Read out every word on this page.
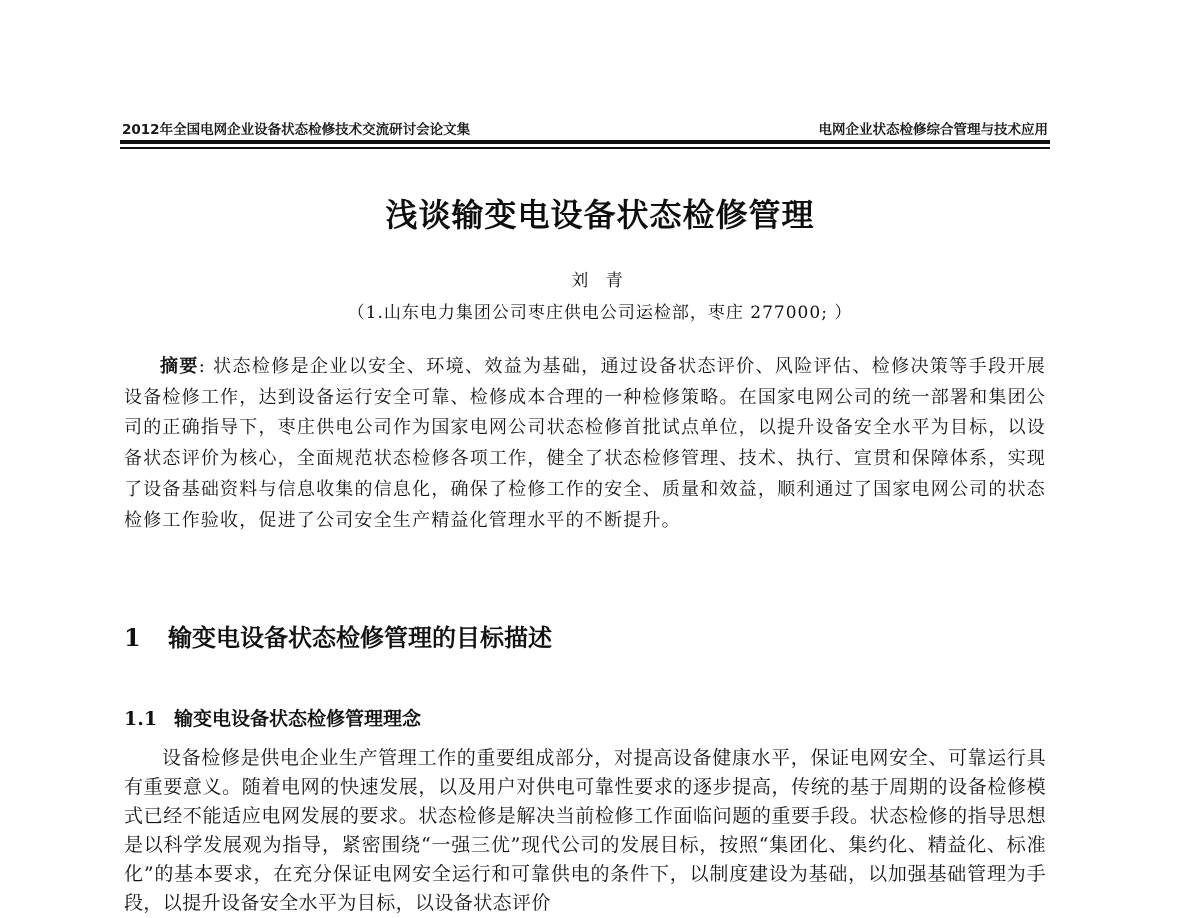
2012年全国电网企业设备状态检修技术交流研讨会论文集	电网企业状态检修综合管理与技术应用
浅谈输变电设备状态检修管理
刘 青
（1.山东电力集团公司枣庄供电公司运检部，枣庄 277000; ）
摘要: 状态检修是企业以安全、环境、效益为基础，通过设备状态评价、风险评估、检修决策等手段开展设备检修工作，达到设备运行安全可靠、检修成本合理的一种检修策略。在国家电网公司的统一部署和集团公司的正确指导下，枣庄供电公司作为国家电网公司状态检修首批试点单位，以提升设备安全水平为目标，以设备状态评价为核心，全面规范状态检修各项工作，健全了状态检修管理、技术、执行、宣贯和保障体系，实现了设备基础资料与信息收集的信息化，确保了检修工作的安全、质量和效益，顺利通过了国家电网公司的状态检修工作验收，促进了公司安全生产精益化管理水平的不断提升。
1 输变电设备状态检修管理的目标描述
1.1 输变电设备状态检修管理理念
设备检修是供电企业生产管理工作的重要组成部分，对提高设备健康水平，保证电网安全、可靠运行具有重要意义。随着电网的快速发展，以及用户对供电可靠性要求的逐步提高，传统的基于周期的设备检修模式已经不能适应电网发展的要求。状态检修是解决当前检修工作面临问题的重要手段。状态检修的指导思想是以科学发展观为指导，紧密围绕“一强三优”现代公司的发展目标，按照“集团化、集约化、精益化、标准化”的基本要求，在充分保证电网安全运行和可靠供电的条件下，以制度建设为基础，以加强基础管理为手段，以提升设备安全水平为目标，以设备状态评价
